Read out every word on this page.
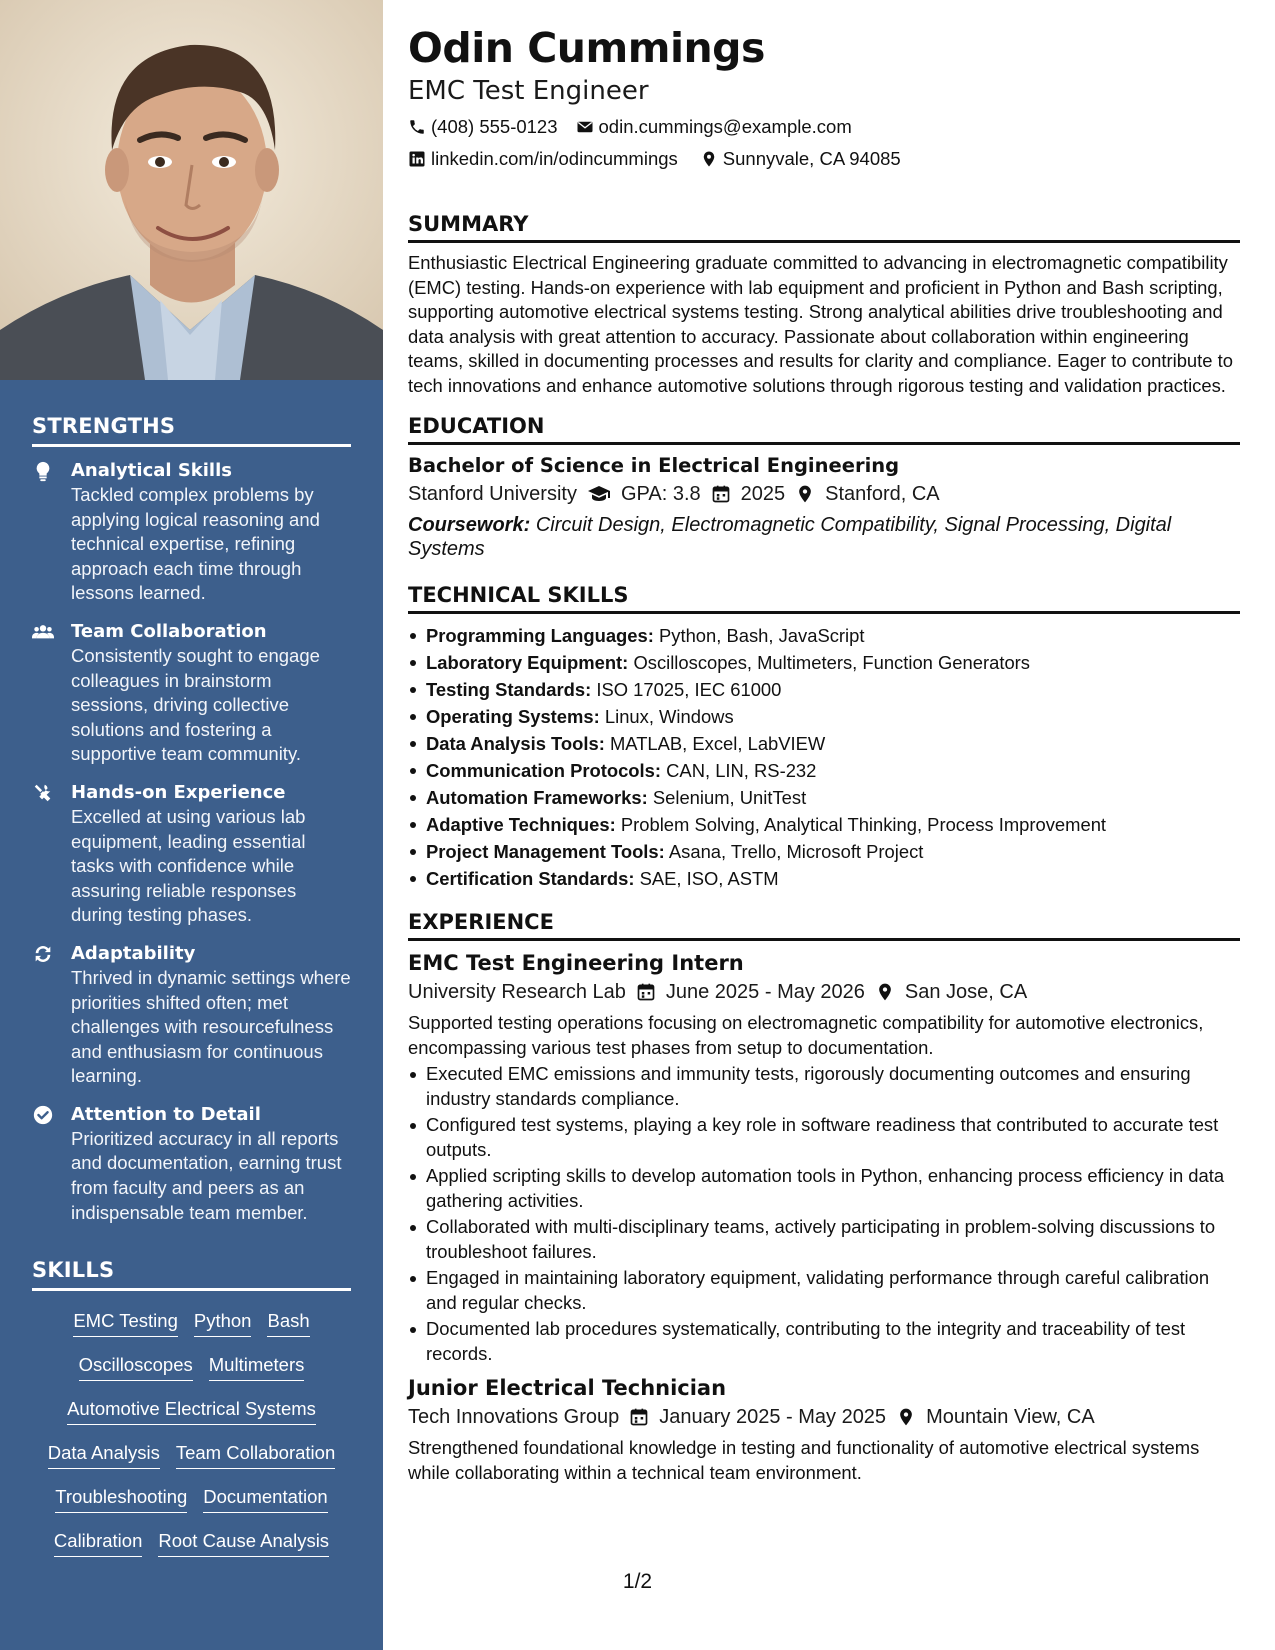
STRENGTHS
Analytical Skills
Tackled complex problems by applying logical reasoning and technical expertise, refining approach each time through lessons learned.
Team Collaboration
Consistently sought to engage colleagues in brainstorm sessions, driving collective solutions and fostering a supportive team community.
Hands-on Experience
Excelled at using various lab equipment, leading essential tasks with confidence while assuring reliable responses during testing phases.
Adaptability
Thrived in dynamic settings where priorities shifted often; met challenges with resourcefulness and enthusiasm for continuous learning.
Attention to Detail
Prioritized accuracy in all reports and documentation, earning trust from faculty and peers as an indispensable team member.
SKILLS
EMC Testing Python Bash
Oscilloscopes Multimeters
Automotive Electrical Systems
Data Analysis Team Collaboration
Troubleshooting Documentation
Calibration Root Cause Analysis
Odin Cummings
EMC Test Engineer
(408) 555-0123 odin.cummings@example.com
linkedin.com/in/odincummings Sunnyvale, CA 94085
SUMMARY
Enthusiastic Electrical Engineering graduate committed to advancing in electromagnetic compatibility (EMC) testing. Hands-on experience with lab equipment and proficient in Python and Bash scripting, supporting automotive electrical systems testing. Strong analytical abilities drive troubleshooting and data analysis with great attention to accuracy. Passionate about collaboration within engineering teams, skilled in documenting processes and results for clarity and compliance. Eager to contribute to tech innovations and enhance automotive solutions through rigorous testing and validation practices.
EDUCATION
Bachelor of Science in Electrical Engineering
Stanford University GPA: 3.8 2025 Stanford, CA
Coursework: Circuit Design, Electromagnetic Compatibility, Signal Processing, Digital Systems
TECHNICAL SKILLS
Programming Languages: Python, Bash, JavaScript
Laboratory Equipment: Oscilloscopes, Multimeters, Function Generators
Testing Standards: ISO 17025, IEC 61000
Operating Systems: Linux, Windows
Data Analysis Tools: MATLAB, Excel, LabVIEW
Communication Protocols: CAN, LIN, RS-232
Automation Frameworks: Selenium, UnitTest
Adaptive Techniques: Problem Solving, Analytical Thinking, Process Improvement
Project Management Tools: Asana, Trello, Microsoft Project
Certification Standards: SAE, ISO, ASTM
EXPERIENCE
EMC Test Engineering Intern
University Research Lab June 2025 - May 2026 San Jose, CA
Supported testing operations focusing on electromagnetic compatibility for automotive electronics, encompassing various test phases from setup to documentation.
Executed EMC emissions and immunity tests, rigorously documenting outcomes and ensuring industry standards compliance.
Configured test systems, playing a key role in software readiness that contributed to accurate test outputs.
Applied scripting skills to develop automation tools in Python, enhancing process efficiency in data gathering activities.
Collaborated with multi-disciplinary teams, actively participating in problem-solving discussions to troubleshoot failures.
Engaged in maintaining laboratory equipment, validating performance through careful calibration and regular checks.
Documented lab procedures systematically, contributing to the integrity and traceability of test records.
Junior Electrical Technician
Tech Innovations Group January 2025 - May 2025 Mountain View, CA
Strengthened foundational knowledge in testing and functionality of automotive electrical systems while collaborating within a technical team environment.
1/2
